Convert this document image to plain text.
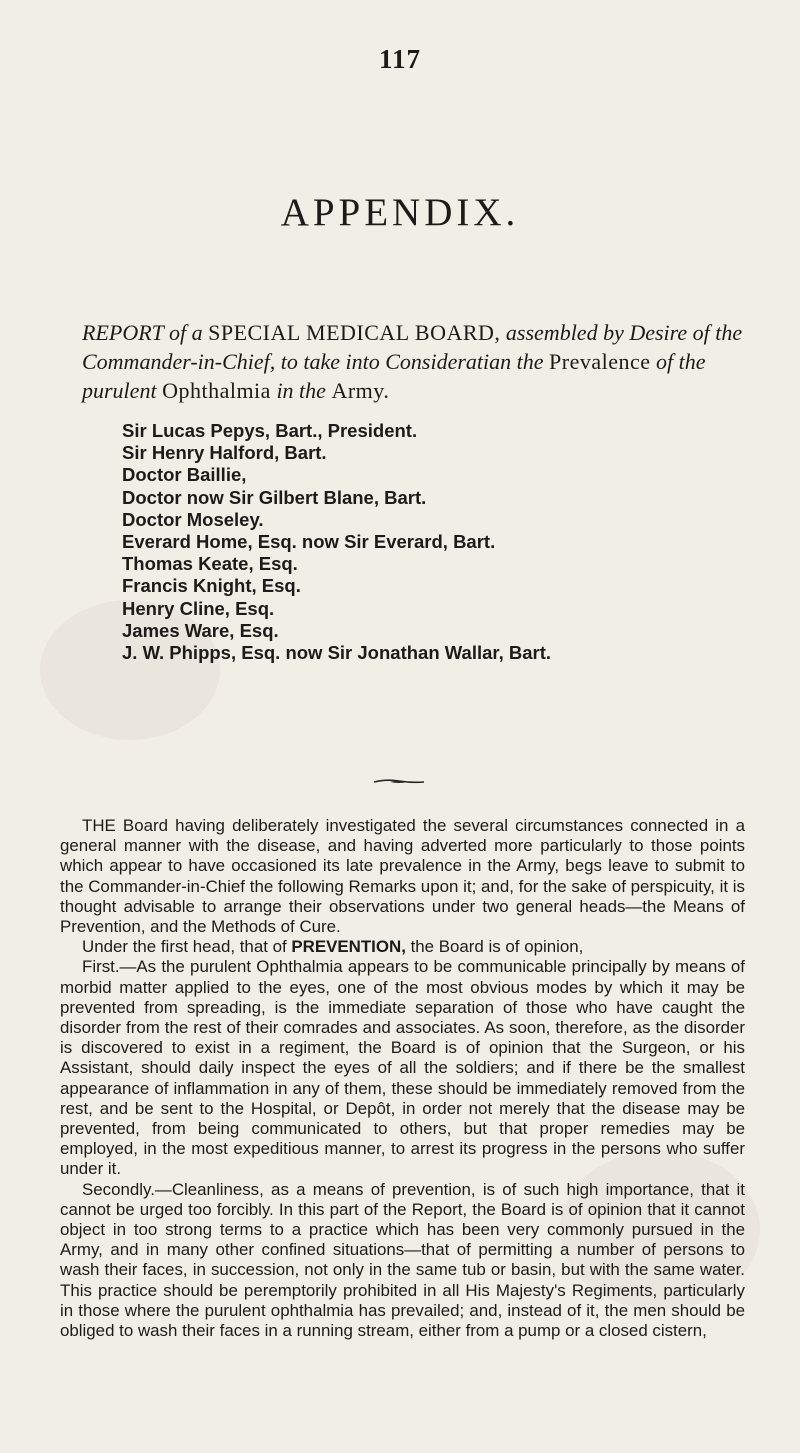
117
APPENDIX.
REPORT of a SPECIAL MEDICAL BOARD, assembled by Desire of the Commander-in-Chief, to take into Consideratian the Prevalence of the purulent Ophthalmia in the Army.
Sir Lucas Pepys, Bart., President.
Sir Henry Halford, Bart.
Doctor Baillie,
Doctor now Sir Gilbert Blane, Bart.
Doctor Moseley.
Everard Home, Esq. now Sir Everard, Bart.
Thomas Keate, Esq.
Francis Knight, Esq.
Henry Cline, Esq.
James Ware, Esq.
J. W. Phipps, Esq. now Sir Jonathan Wallar, Bart.

THE Board having deliberately investigated the several circumstances connected in a general manner with the disease, and having adverted more particularly to those points which appear to have occasioned its late prevalence in the Army, begs leave to submit to the Commander-in-Chief the following Remarks upon it; and, for the sake of perspicuity, it is thought advisable to arrange their observations under two general heads—the Means of Prevention, and the Methods of Cure.

Under the first head, that of PREVENTION, the Board is of opinion,

First.—As the purulent Ophthalmia appears to be communicable principally by means of morbid matter applied to the eyes, one of the most obvious modes by which it may be prevented from spreading, is the immediate separation of those who have caught the disorder from the rest of their comrades and associates. As soon, therefore, as the disorder is discovered to exist in a regiment, the Board is of opinion that the Surgeon, or his Assistant, should daily inspect the eyes of all the soldiers; and if there be the smallest appearance of inflammation in any of them, these should be immediately removed from the rest, and be sent to the Hospital, or Depôt, in order not merely that the disease may be prevented, from being communicated to others, but that proper remedies may be employed, in the most expeditious manner, to arrest its progress in the persons who suffer under it.

Secondly.—Cleanliness, as a means of prevention, is of such high importance, that it cannot be urged too forcibly. In this part of the Report, the Board is of opinion that it cannot object in too strong terms to a practice which has been very commonly pursued in the Army, and in many other confined situations—that of permitting a number of persons to wash their faces, in succession, not only in the same tub or basin, but with the same water. This practice should be peremptorily prohibited in all His Majesty's Regiments, particularly in those where the purulent ophthalmia has prevailed; and, instead of it, the men should be obliged to wash their faces in a running stream, either from a pump or a closed cistern,
